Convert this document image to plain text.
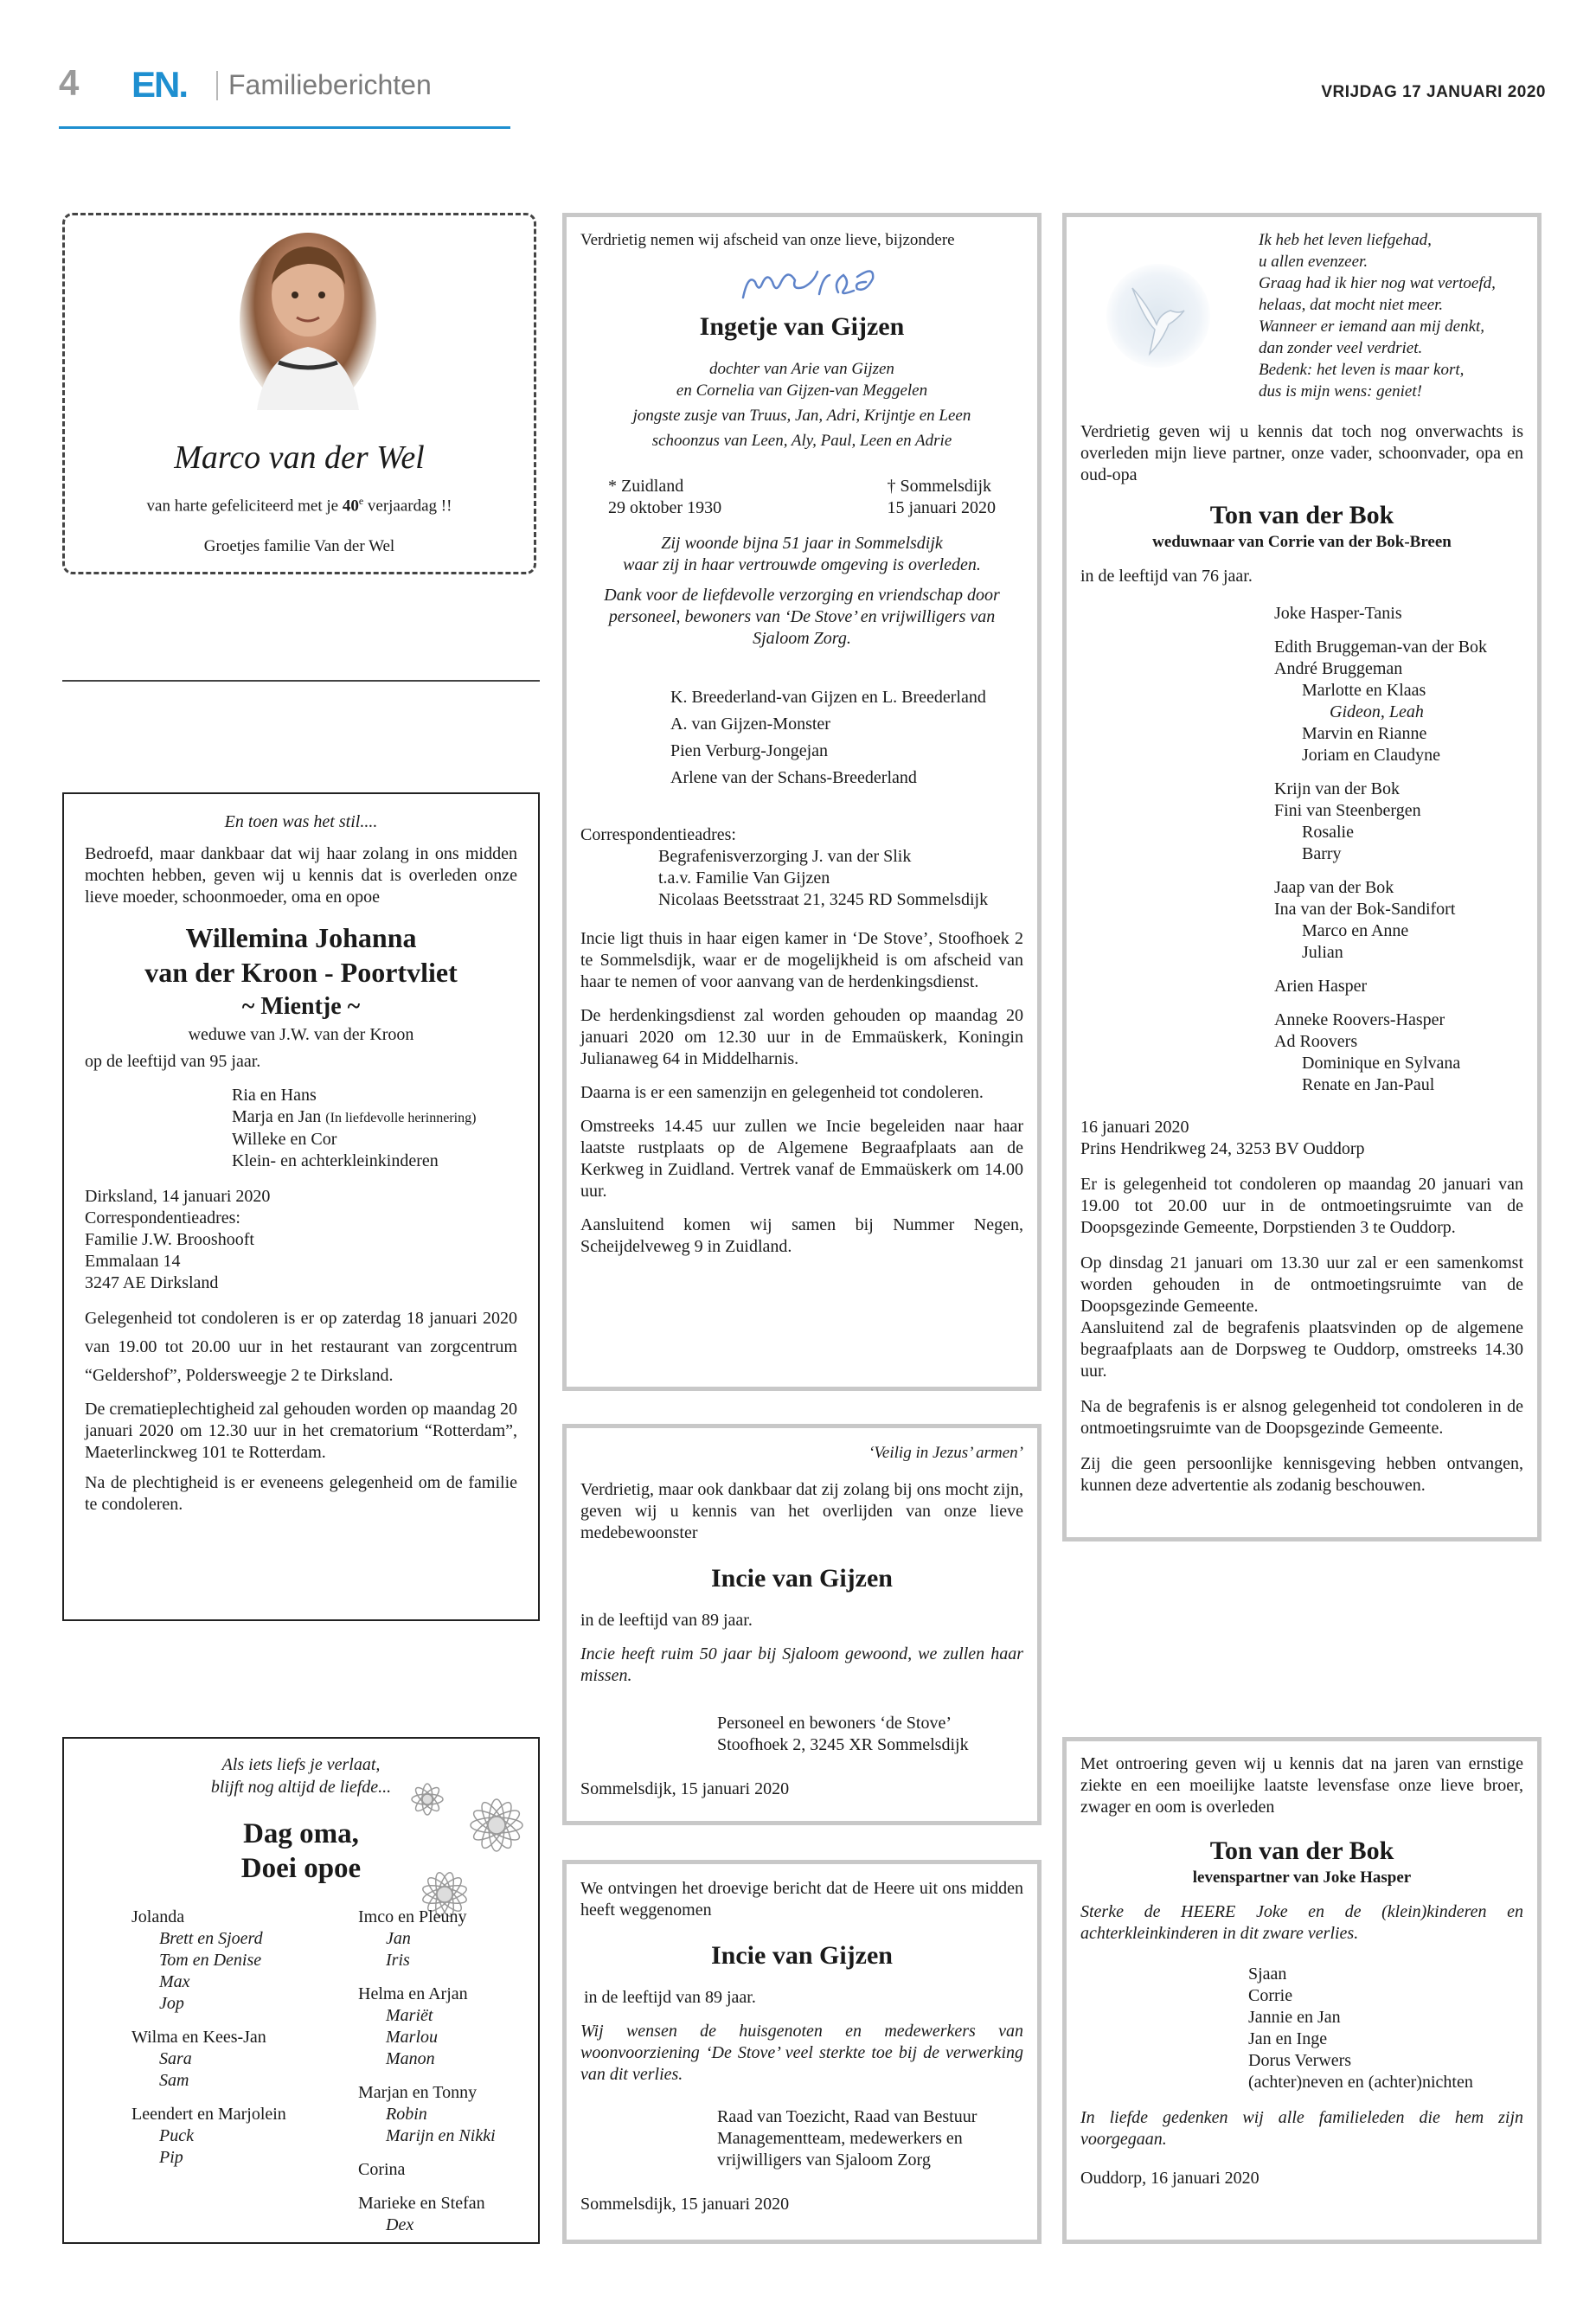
4 EN. Familieberichten	VRIJDAG 17 JANUARI 2020

Marco van der Wel

van harte gefeliciteerd met je 40e verjaardag !!

Groetjes familie Van der Wel

En toen was het stil....

Bedroefd, maar dankbaar dat wij haar zolang in ons midden mochten hebben, geven wij u kennis dat is overleden onze lieve moeder, schoonmoeder, oma en opoe

Willemina Johanna

van der Kroon - Poortvliet

~ Mientje ~

weduwe van J.W. van der Kroon

op de leeftijd van 95 jaar.

Ria en Hans

Marja en Jan (In liefdevolle herinnering)

Willeke en Cor

Klein- en achterkleinkinderen

Dirksland, 14 januari 2020

Correspondentieadres:

Familie J.W. Brooshooft

Emmalaan 14

3247 AE Dirksland

Gelegenheid tot condoleren is er op zaterdag 18 januari 2020 van 19.00 tot 20.00 uur in het restaurant van zorgcentrum “Geldershof”, Poldersweegje 2 te Dirksland.

De crematieplechtigheid zal gehouden worden op maandag 20 januari 2020 om 12.30 uur in het crematorium “Rotterdam”, Maeterlinckweg 101 te Rotterdam.

Na de plechtigheid is er eveneens gelegenheid om de familie te condoleren.

Als iets liefs je verlaat,

blijft nog altijd de liefde...

Dag oma,

Doei opoe

Jolanda

Brett en Sjoerd

Tom en Denise

Max

Jop

Wilma en Kees-Jan

Sara

Sam

Leendert en Marjolein

Puck

Pip

Imco en Pleuny

Jan

Iris

Helma en Arjan

Mariët

Marlou

Manon

Marjan en Tonny

Robin

Marijn en Nikki

Corina

Marieke en Stefan

Dex

Verdrietig nemen wij afscheid van onze lieve, bijzondere

Ingetje van Gijzen

dochter van Arie van Gijzen

en Cornelia van Gijzen-van Meggelen

jongste zusje van Truus, Jan, Adri, Krijntje en Leen

schoonzus van Leen, Aly, Paul, Leen en Adrie

* Zuidland

29 oktober 1930

† Sommelsdijk

15 januari 2020

Zij woonde bijna 51 jaar in Sommelsdijk

waar zij in haar vertrouwde omgeving is overleden.

Dank voor de liefdevolle verzorging en vriendschap door personeel, bewoners van ‘De Stove’ en vrijwilligers van Sjaloom Zorg.

K. Breederland-van Gijzen en L. Breederland

A. van Gijzen-Monster

Pien Verburg-Jongejan

Arlene van der Schans-Breederland

Correspondentieadres:

Begrafenisverzorging J. van der Slik

t.a.v. Familie Van Gijzen

Nicolaas Beetsstraat 21, 3245 RD Sommelsdijk

Incie ligt thuis in haar eigen kamer in ‘De Stove’, Stoofhoek 2 te Sommelsdijk, waar er de mogelijkheid is om afscheid van haar te nemen of voor aanvang van de herdenkingsdienst.

De herdenkingsdienst zal worden gehouden op maandag 20 januari 2020 om 12.30 uur in de Emmaüskerk, Koningin Julianaweg 64 in Middelharnis.

Daarna is er een samenzijn en gelegenheid tot condoleren.

Omstreeks 14.45 uur zullen we Incie begeleiden naar haar laatste rustplaats op de Algemene Begraafplaats aan de Kerkweg in Zuidland. Vertrek vanaf de Emmaüskerk om 14.00 uur.

Aansluitend komen wij samen bij Nummer Negen, Scheijdelveweg 9 in Zuidland.

‘Veilig in Jezus’ armen’

Verdrietig, maar ook dankbaar dat zij zolang bij ons mocht zijn, geven wij u kennis van het overlijden van onze lieve medebewoonster

Incie van Gijzen

in de leeftijd van 89 jaar.

Incie heeft ruim 50 jaar bij Sjaloom gewoond, we zullen haar missen.

Personeel en bewoners ‘de Stove’

Stoofhoek 2, 3245 XR Sommelsdijk

Sommelsdijk, 15 januari 2020

We ontvingen het droevige bericht dat de Heere uit ons midden heeft weggenomen

Incie van Gijzen

in de leeftijd van 89 jaar.

Wij wensen de huisgenoten en medewerkers van woonvoorziening ‘De Stove’ veel sterkte toe bij de verwerking van dit verlies.

Raad van Toezicht, Raad van Bestuur

Managementteam, medewerkers en

vrijwilligers van Sjaloom Zorg

Sommelsdijk, 15 januari 2020

Ik heb het leven liefgehad,

u allen evenzeer.

Graag had ik hier nog wat vertoefd,

helaas, dat mocht niet meer.

Wanneer er iemand aan mij denkt,

dan zonder veel verdriet.

Bedenk: het leven is maar kort,

dus is mijn wens: geniet!

Verdrietig geven wij u kennis dat toch nog onverwachts is overleden mijn lieve partner, onze vader, schoonvader, opa en oud-opa

Ton van der Bok

weduwnaar van Corrie van der Bok-Breen

in de leeftijd van 76 jaar.

Joke Hasper-Tanis

Edith Bruggeman-van der Bok

André Bruggeman

Marlotte en Klaas

Gideon, Leah

Marvin en Rianne

Joriam en Claudyne

Krijn van der Bok

Fini van Steenbergen

Rosalie

Barry

Jaap van der Bok

Ina van der Bok-Sandifort

Marco en Anne

Julian

Arien Hasper

Anneke Roovers-Hasper

Ad Roovers

Dominique en Sylvana

Renate en Jan-Paul

16 januari 2020

Prins Hendrikweg 24, 3253 BV Ouddorp

Er is gelegenheid tot condoleren op maandag 20 januari van 19.00 tot 20.00 uur in de ontmoetingsruimte van de Doopsgezinde Gemeente, Dorpstienden 3 te Ouddorp.

Op dinsdag 21 januari om 13.30 uur zal er een samenkomst worden gehouden in de ontmoetingsruimte van de Doopsgezinde Gemeente.

Aansluitend zal de begrafenis plaatsvinden op de algemene begraafplaats aan de Dorpsweg te Ouddorp, omstreeks 14.30 uur.

Na de begrafenis is er alsnog gelegenheid tot condoleren in de ontmoetingsruimte van de Doopsgezinde Gemeente.

Zij die geen persoonlijke kennisgeving hebben ontvangen, kunnen deze advertentie als zodanig beschouwen.

Met ontroering geven wij u kennis dat na jaren van ernstige ziekte en een moeilijke laatste levensfase onze lieve broer, zwager en oom is overleden

Ton van der Bok

levenspartner van Joke Hasper

Sterke de HEERE Joke en de (klein)kinderen en achterkleinkinderen in dit zware verlies.

Sjaan

Corrie

Jannie en Jan

Jan en Inge

Dorus Verwers

(achter)neven en (achter)nichten

In liefde gedenken wij alle familieleden die hem zijn voorgegaan.

Ouddorp, 16 januari 2020
